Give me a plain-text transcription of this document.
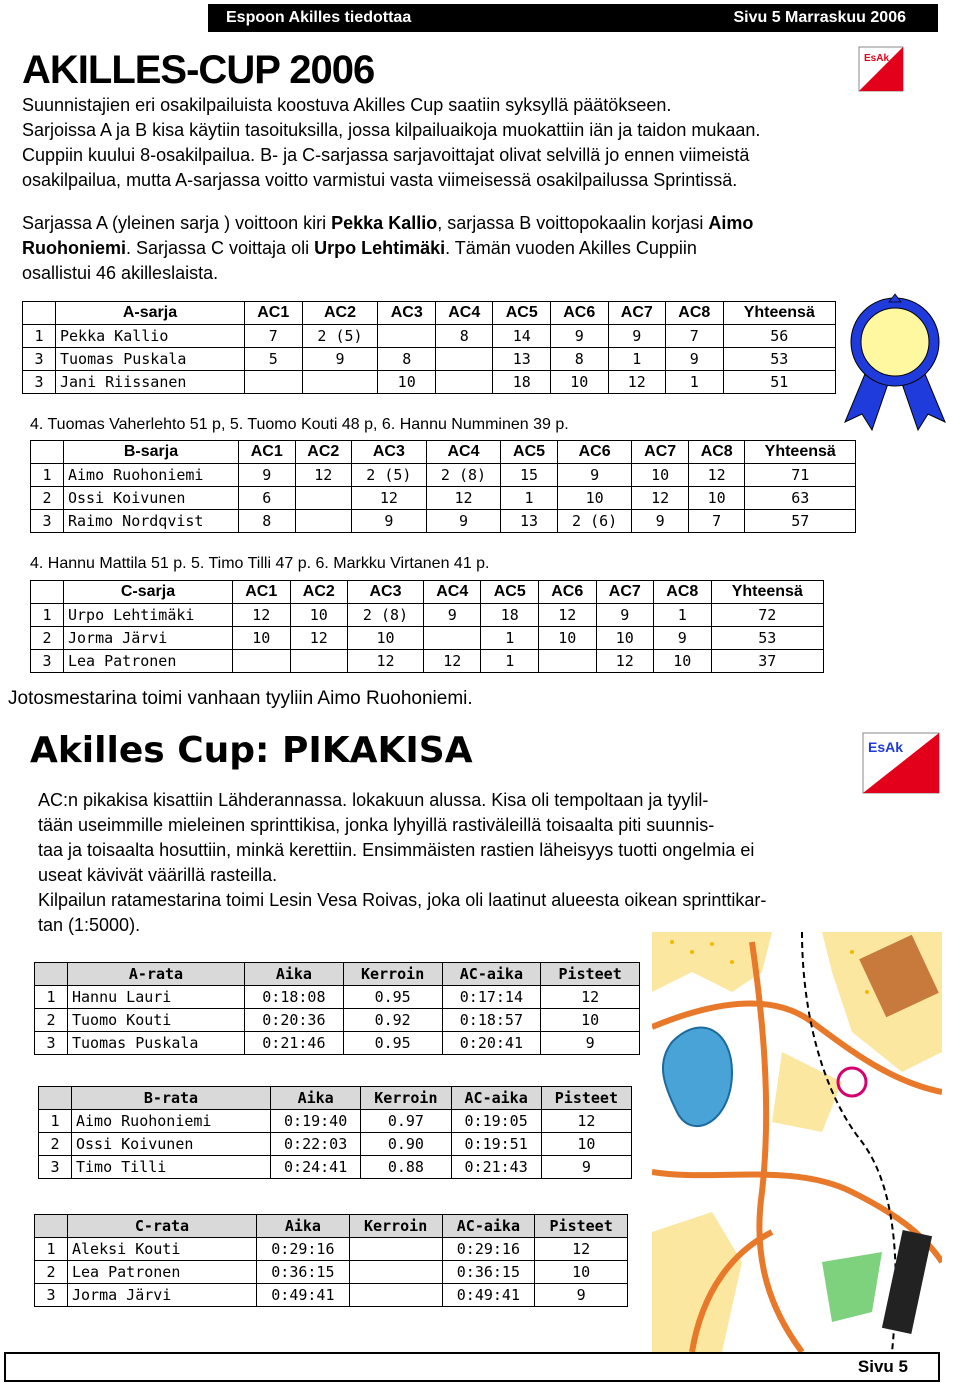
Espoon Akilles tiedottaa	Sivu 5 Marraskuu 2006
EsAk
AKILLES-CUP 2006
Suunnistajien eri osakilpailuista koostuva Akilles Cup saatiin syksyllä päätökseen.
Sarjoissa A ja B kisa käytiin tasoituksilla, jossa kilpailuaikoja muokattiin iän ja taidon mukaan.
Cuppiin kuului 8-osakilpailua. B- ja C-sarjassa sarjavoittajat olivat selvillä jo ennen viimeistä
osakilpailua, mutta A-sarjassa voitto varmistui vasta viimeisessä osakilpailussa Sprintissä.
Sarjassa A (yleinen sarja ) voittoon kiri Pekka Kallio, sarjassa B voittopokaalin korjasi Aimo
Ruohoniemi. Sarjassa C voittaja oli Urpo Lehtimäki. Tämän vuoden Akilles Cuppiin
osallistui 46 akilleslaista.
	A-sarja	AC1	AC2	AC3	AC4	AC5	AC6	AC7	AC8	Yhteensä
1	Pekka Kallio	7	2 (5)		8	14	9	9	7	56
3	Tuomas Puskala	5	9	8		13	8	1	9	53
3	Jani Riissanen			10		18	10	12	1	51
4. Tuomas Vaherlehto 51 p, 5. Tuomo Kouti 48 p, 6. Hannu Numminen 39 p.
	B-sarja	AC1	AC2	AC3	AC4	AC5	AC6	AC7	AC8	Yhteensä
1	Aimo Ruohoniemi	9	12	2 (5)	2 (8)	15	9	10	12	71
2	Ossi Koivunen	6		12	12	1	10	12	10	63
3	Raimo Nordqvist	8		9	9	13	2 (6)	9	7	57
4. Hannu Mattila 51 p. 5. Timo Tilli 47 p. 6. Markku Virtanen 41 p.
	C-sarja	AC1	AC2	AC3	AC4	AC5	AC6	AC7	AC8	Yhteensä
1	Urpo Lehtimäki	12	10	2 (8)	9	18	12	9	1	72
2	Jorma Järvi	10	12	10		1	10	10	9	53
3	Lea Patronen			12	12	1		12	10	37
Jotosmestarina toimi vanhaan tyyliin Aimo Ruohoniemi.
Akilles Cup: PIKAKISA	EsAk
AC:n pikakisa kisattiin Lähderannassa. lokakuun alussa. Kisa oli tempoltaan ja tyylil-
tään useimmille mieleinen sprinttikisa, jonka lyhyillä rastiväleillä toisaalta piti suunnis-
taa ja toisaalta hosuttiin, minkä kerettiin. Ensimmäisten rastien läheisyys tuotti ongelmia ei
useat kävivät väärillä rasteilla.
Kilpailun ratamestarina toimi Lesin Vesa Roivas, joka oli laatinut alueesta oikean sprinttikar-
tan (1:5000).
	A-rata	Aika	Kerroin	AC-aika	Pisteet
1	Hannu Lauri	0:18:08	0.95	0:17:14	12
2	Tuomo Kouti	0:20:36	0.92	0:18:57	10
3	Tuomas Puskala	0:21:46	0.95	0:20:41	9
	B-rata	Aika	Kerroin	AC-aika	Pisteet
1	Aimo Ruohoniemi	0:19:40	0.97	0:19:05	12
2	Ossi Koivunen	0:22:03	0.90	0:19:51	10
3	Timo Tilli	0:24:41	0.88	0:21:43	9
	C-rata	Aika	Kerroin	AC-aika	Pisteet
1	Aleksi Kouti	0:29:16		0:29:16	12
2	Lea Patronen	0:36:15		0:36:15	10
3	Jorma Järvi	0:49:41		0:49:41	9
Sivu 5
